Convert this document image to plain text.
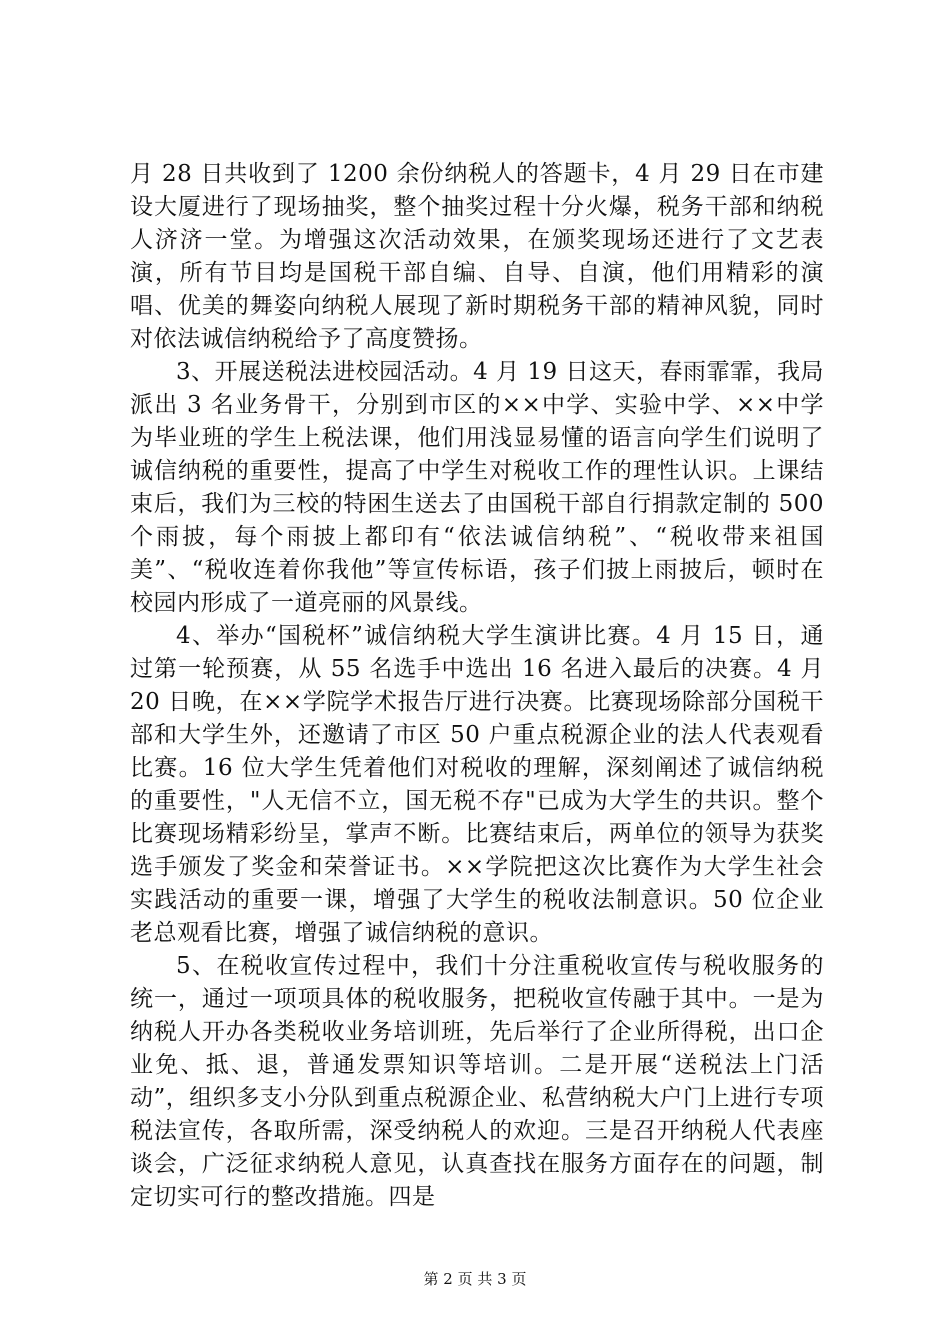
月 28 日共收到了 1200 余份纳税人的答题卡，4 月 29 日在市建设大厦进行了现场抽奖，整个抽奖过程十分火爆，税务干部和纳税人济济一堂。为增强这次活动效果，在颁奖现场还进行了文艺表演，所有节目均是国税干部自编、自导、自演，他们用精彩的演唱、优美的舞姿向纳税人展现了新时期税务干部的精神风貌，同时对依法诚信纳税给予了高度赞扬。

3、开展送税法进校园活动。4 月 19 日这天，春雨霏霏，我局派出 3 名业务骨干，分别到市区的××中学、实验中学、××中学为毕业班的学生上税法课，他们用浅显易懂的语言向学生们说明了诚信纳税的重要性，提高了中学生对税收工作的理性认识。上课结束后，我们为三校的特困生送去了由国税干部自行捐款定制的 500 个雨披，每个雨披上都印有“依法诚信纳税”、“税收带来祖国美”、“税收连着你我他”等宣传标语，孩子们披上雨披后，顿时在校园内形成了一道亮丽的风景线。

4、举办“国税杯”诚信纳税大学生演讲比赛。4 月 15 日，通过第一轮预赛，从 55 名选手中选出 16 名进入最后的决赛。4 月 20 日晚，在××学院学术报告厅进行决赛。比赛现场除部分国税干部和大学生外，还邀请了市区 50 户重点税源企业的法人代表观看比赛。16 位大学生凭着他们对税收的理解，深刻阐述了诚信纳税的重要性，"人无信不立，国无税不存"已成为大学生的共识。整个比赛现场精彩纷呈，掌声不断。比赛结束后，两单位的领导为获奖选手颁发了奖金和荣誉证书。××学院把这次比赛作为大学生社会实践活动的重要一课，增强了大学生的税收法制意识。50 位企业老总观看比赛，增强了诚信纳税的意识。

5、在税收宣传过程中，我们十分注重税收宣传与税收服务的统一，通过一项项具体的税收服务，把税收宣传融于其中。一是为纳税人开办各类税收业务培训班，先后举行了企业所得税，出口企业免、抵、退，普通发票知识等培训。二是开展“送税法上门活动”，组织多支小分队到重点税源企业、私营纳税大户门上进行专项税法宣传，各取所需，深受纳税人的欢迎。三是召开纳税人代表座谈会，广泛征求纳税人意见，认真查找在服务方面存在的问题，制定切实可行的整改措施。四是

第 2 页 共 3 页
